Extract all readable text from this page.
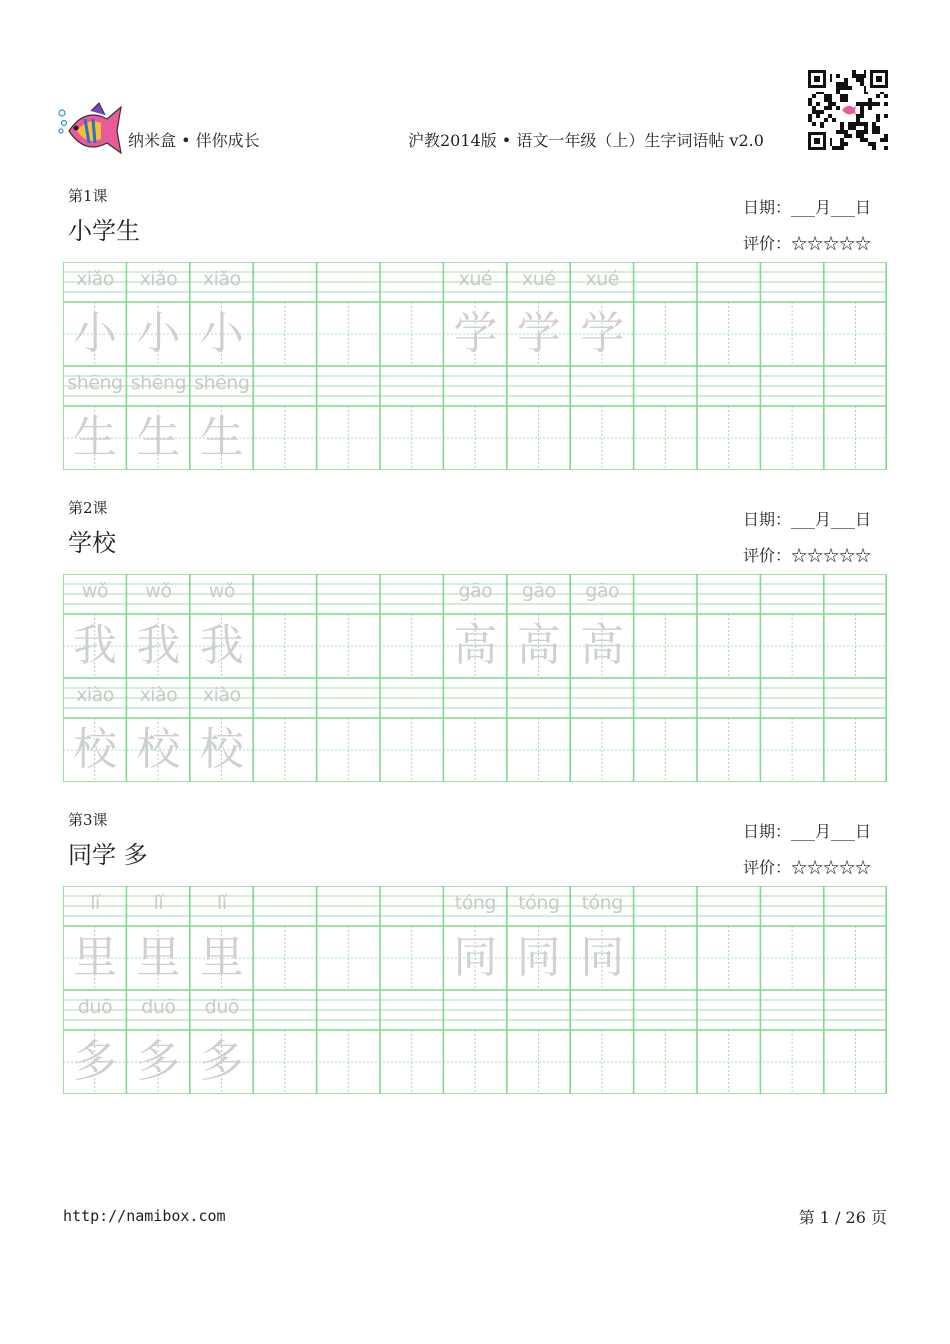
纳米盒 • 伴你成长	沪教2014版 • 语文一年级（上）生字词语帖 v2.0
第1课
小学生
日期：___月___日
评价：☆☆☆☆☆
xiǎo
小
xiǎo
小
xiǎo
小
xué
学
xué
学
xué
学
shēng
生
shēng
生
shēng
生
第2课
学校
日期：___月___日
评价：☆☆☆☆☆
wǒ
我
wǒ
我
wǒ
我
gāo
高
gāo
高
gāo
高
xiào
校
xiào
校
xiào
校
第3课
同学 多
日期：___月___日
评价：☆☆☆☆☆
lǐ
里
lǐ
里
lǐ
里
tóng
同
tóng
同
tóng
同
duō
多
duō
多
duō
多
http://namibox.com	第 1 / 26 页
